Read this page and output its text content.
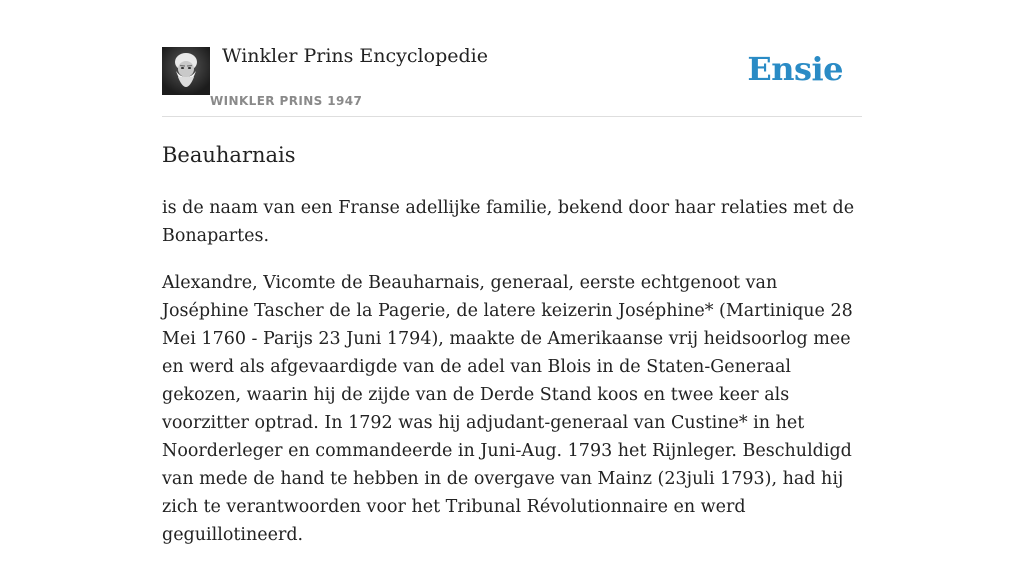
Winkler Prins Encyclopedie
WINKLER PRINS 1947
Ensie
Beauharnais

is de naam van een Franse adellijke familie, bekend door haar relaties met de Bonapartes.

Alexandre, Vicomte de Beauharnais, generaal, eerste echtgenoot van Joséphine Tascher de la Pagerie, de latere keizerin Joséphine* (Martinique 28 Mei 1760 - Parijs 23 Juni 1794), maakte de Amerikaanse vrij heidsoorlog mee en werd als afgevaardigde van de adel van Blois in de Staten-Generaal gekozen, waarin hij de zijde van de Derde Stand koos en twee keer als voorzitter optrad. In 1792 was hij adjudant-generaal van Custine* in het Noorderleger en commandeerde in Juni-Aug. 1793 het Rijnleger. Beschuldigd van mede de hand te hebben in de overgave van Mainz (23juli 1793), had hij zich te verantwoorden voor het Tribunal Révolutionnaire en werd geguillotineerd.
